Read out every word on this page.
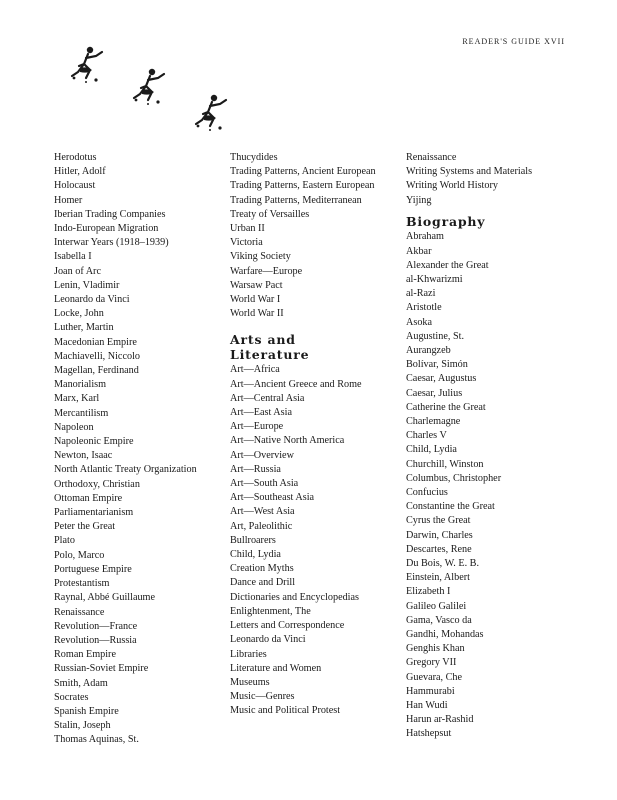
READER'S GUIDE XVII
Herodotus
Hitler, Adolf
Holocaust
Homer
Iberian Trading Companies
Indo-European Migration
Interwar Years (1918–1939)
Isabella I
Joan of Arc
Lenin, Vladimir
Leonardo da Vinci
Locke, John
Luther, Martin
Macedonian Empire
Machiavelli, Niccolo
Magellan, Ferdinand
Manorialism
Marx, Karl
Mercantilism
Napoleon
Napoleonic Empire
Newton, Isaac
North Atlantic Treaty Organization
Orthodoxy, Christian
Ottoman Empire
Parliamentarianism
Peter the Great
Plato
Polo, Marco
Portuguese Empire
Protestantism
Raynal, Abbé Guillaume
Renaissance
Revolution—France
Revolution—Russia
Roman Empire
Russian-Soviet Empire
Smith, Adam
Socrates
Spanish Empire
Stalin, Joseph
Thomas Aquinas, St.
Thucydides
Trading Patterns, Ancient European
Trading Patterns, Eastern European
Trading Patterns, Mediterranean
Treaty of Versailles
Urban II
Victoria
Viking Society
Warfare—Europe
Warsaw Pact
World War I
World War II
Arts and
Literature
Art—Africa
Art—Ancient Greece and Rome
Art—Central Asia
Art—East Asia
Art—Europe
Art—Native North America
Art—Overview
Art—Russia
Art—South Asia
Art—Southeast Asia
Art—West Asia
Art, Paleolithic
Bullroarers
Child, Lydia
Creation Myths
Dance and Drill
Dictionaries and Encyclopedias
Enlightenment, The
Letters and Correspondence
Leonardo da Vinci
Libraries
Literature and Women
Museums
Music—Genres
Music and Political Protest
Renaissance
Writing Systems and Materials
Writing World History
Yijing
Biography
Abraham
Akbar
Alexander the Great
al-Khwarizmi
al-Razi
Aristotle
Asoka
Augustine, St.
Aurangzeb
Bolívar, Simón
Caesar, Augustus
Caesar, Julius
Catherine the Great
Charlemagne
Charles V
Child, Lydia
Churchill, Winston
Columbus, Christopher
Confucius
Constantine the Great
Cyrus the Great
Darwin, Charles
Descartes, Rene
Du Bois, W. E. B.
Einstein, Albert
Elizabeth I
Galileo Galilei
Gama, Vasco da
Gandhi, Mohandas
Genghis Khan
Gregory VII
Guevara, Che
Hammurabi
Han Wudi
Harun ar-Rashid
Hatshepsut
